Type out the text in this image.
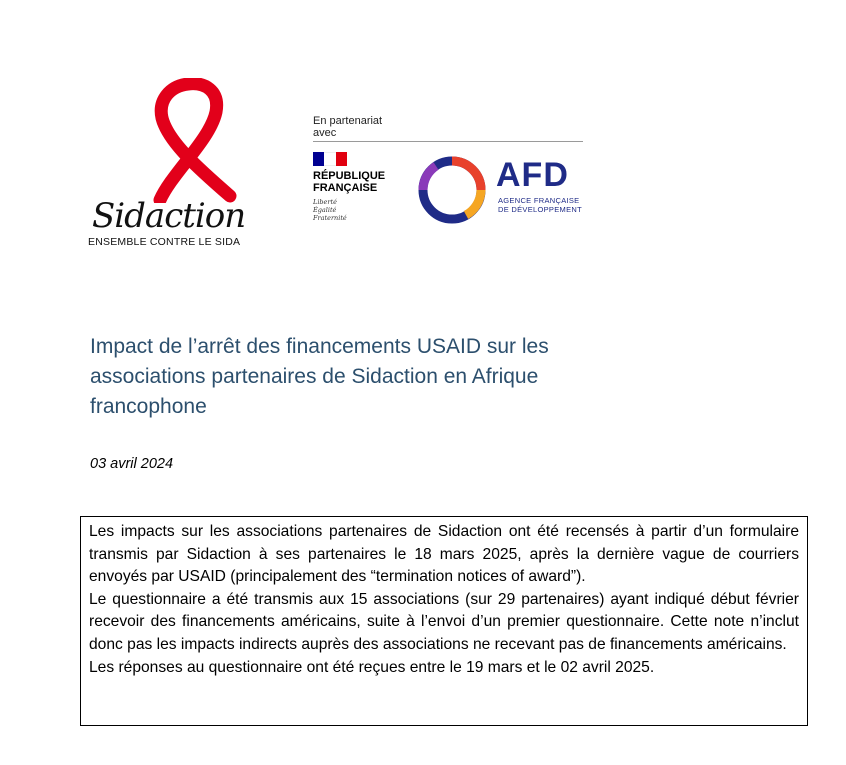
Sidaction
ENSEMBLE CONTRE LE SIDA
En partenariat
avec
RÉPUBLIQUE
FRANÇAISE
Liberté
Égalité
Fraternité
AFD
AGENCE FRANÇAISE
DE DÉVELOPPEMENT
Impact de l’arrêt des financements USAID sur les associations partenaires de Sidaction en Afrique francophone
03 avril 2024

Les impacts sur les associations partenaires de Sidaction ont été recensés à partir d’un formulaire transmis par Sidaction à ses partenaires le 18 mars 2025, après la dernière vague de courriers envoyés par USAID (principalement des “termination notices of award”).

Le questionnaire a été transmis aux 15 associations (sur 29 partenaires) ayant indiqué début février recevoir des financements américains, suite à l’envoi d’un premier questionnaire. Cette note n’inclut donc pas les impacts indirects auprès des associations ne recevant pas de financements américains.

Les réponses au questionnaire ont été reçues entre le 19 mars et le 02 avril 2025.
